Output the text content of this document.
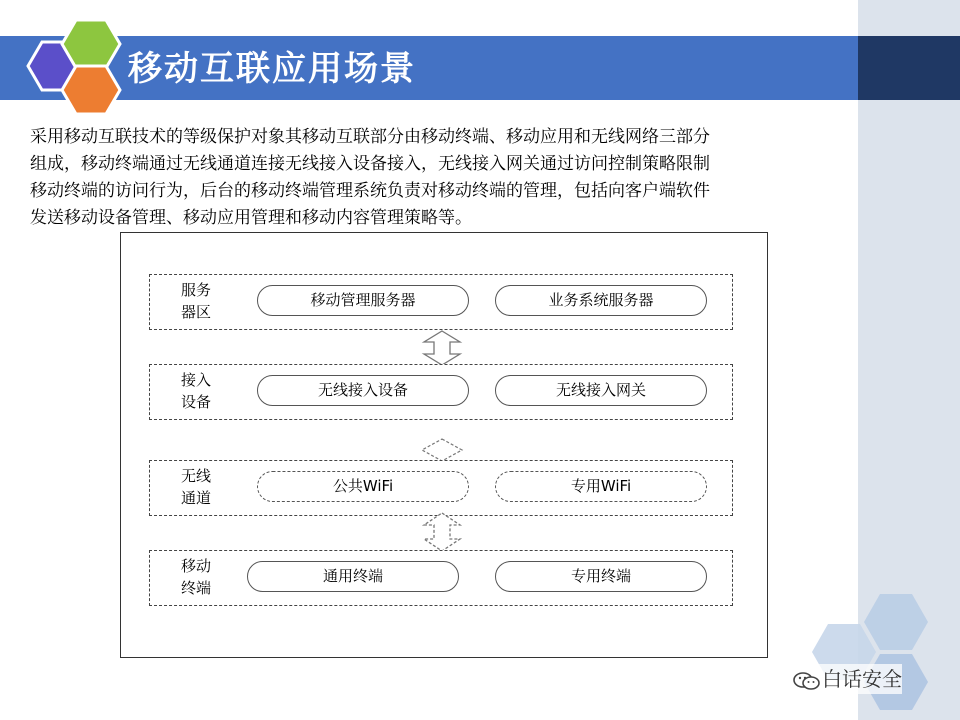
移动互联应用场景
采用移动互联技术的等级保护对象其移动互联部分由移动终端、移动应用和无线网络三部分
组成，移动终端通过无线通道连接无线接入设备接入，无线接入网关通过访问控制策略限制
移动终端的访问行为，后台的移动终端管理系统负责对移动终端的管理，包括向客户端软件
发送移动设备管理、移动应用管理和移动内容管理策略等。
服务
器区
移动管理服务器	业务系统服务器
接入
设备
无线接入设备	无线接入网关
无线
通道
公共WiFi	专用WiFi
移动
终端
通用终端	专用终端
白话安全
